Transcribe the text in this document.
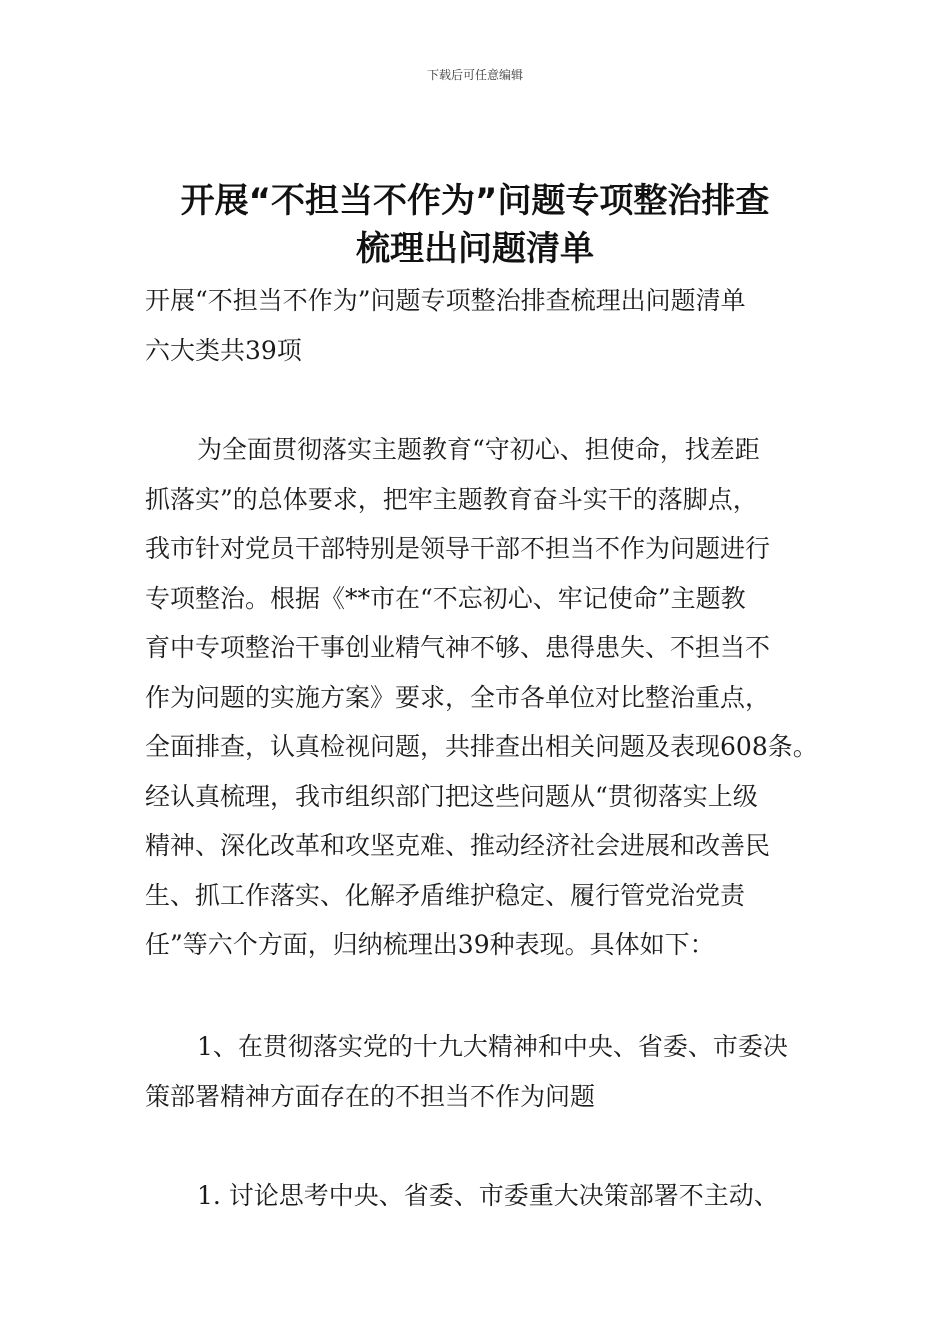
下载后可任意编辑
开展“不担当不作为”问题专项整治排查
梳理出问题清单
开展“不担当不作为”问题专项整治排查梳理出问题清单
六大类共39项
为全面贯彻落实主题教育“守初心、担使命，找差距
抓落实”的总体要求，把牢主题教育奋斗实干的落脚点，
我市针对党员干部特别是领导干部不担当不作为问题进行
专项整治。根据《**市在“不忘初心、牢记使命”主题教
育中专项整治干事创业精气神不够、患得患失、不担当不
作为问题的实施方案》要求，全市各单位对比整治重点，
全面排查，认真检视问题，共排查出相关问题及表现608条。
经认真梳理，我市组织部门把这些问题从“贯彻落实上级
精神、深化改革和攻坚克难、推动经济社会进展和改善民
生、抓工作落实、化解矛盾维护稳定、履行管党治党责
任”等六个方面，归纳梳理出39种表现。具体如下：
1、在贯彻落实党的十九大精神和中央、省委、市委决
策部署精神方面存在的不担当不作为问题
1. 讨论思考中央、省委、市委重大决策部署不主动、
